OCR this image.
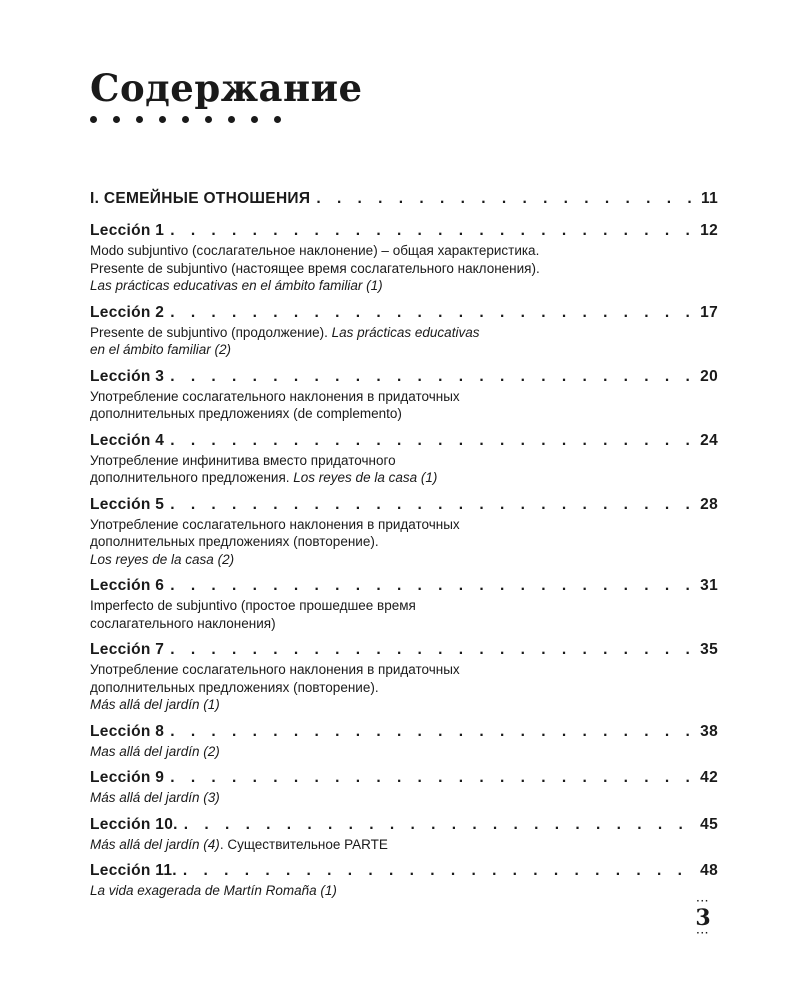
Содержание
I. СЕМЕЙНЫЕ ОТНОШЕНИЯ . . .	11
Lección 1 . . .	12
Modo subjuntivo (сослагательное наклонение) – общая характеристика.
Presente de subjuntivo (настоящее время сослагательного наклонения).
Las prácticas educativas en el ámbito familiar (1)
Lección 2 . . .	17
Presente de subjuntivo (продолжение). Las prácticas educativas
en el ámbito familiar (2)
Lección 3 . . .	20
Употребление сослагательного наклонения в придаточных
дополнительных предложениях (de complemento)
Lección 4 . . .	24
Употребление инфинитива вместо придаточного
дополнительного предложения. Los reyes de la casa (1)
Lección 5 . . .	28
Употребление сослагательного наклонения в придаточных
дополнительных предложениях (повторение).
Los reyes de la casa (2)
Lección 6 . . .	31
Imperfecto de subjuntivo (простое прошедшее время
сослагательного наклонения)
Lección 7 . . .	35
Употребление сослагательного наклонения в придаточных
дополнительных предложениях (повторение).
Más allá del jardín (1)
Lección 8 . . .	38
Mas allá del jardín (2)
Lección 9 . . .	42
Más allá del jardín (3)
Lección 10. . . .	45
Más allá del jardín (4). Существительное PARTE
Lección 11. . . .	48
La vida exagerada de Martín Romaña (1)
···
3
···
